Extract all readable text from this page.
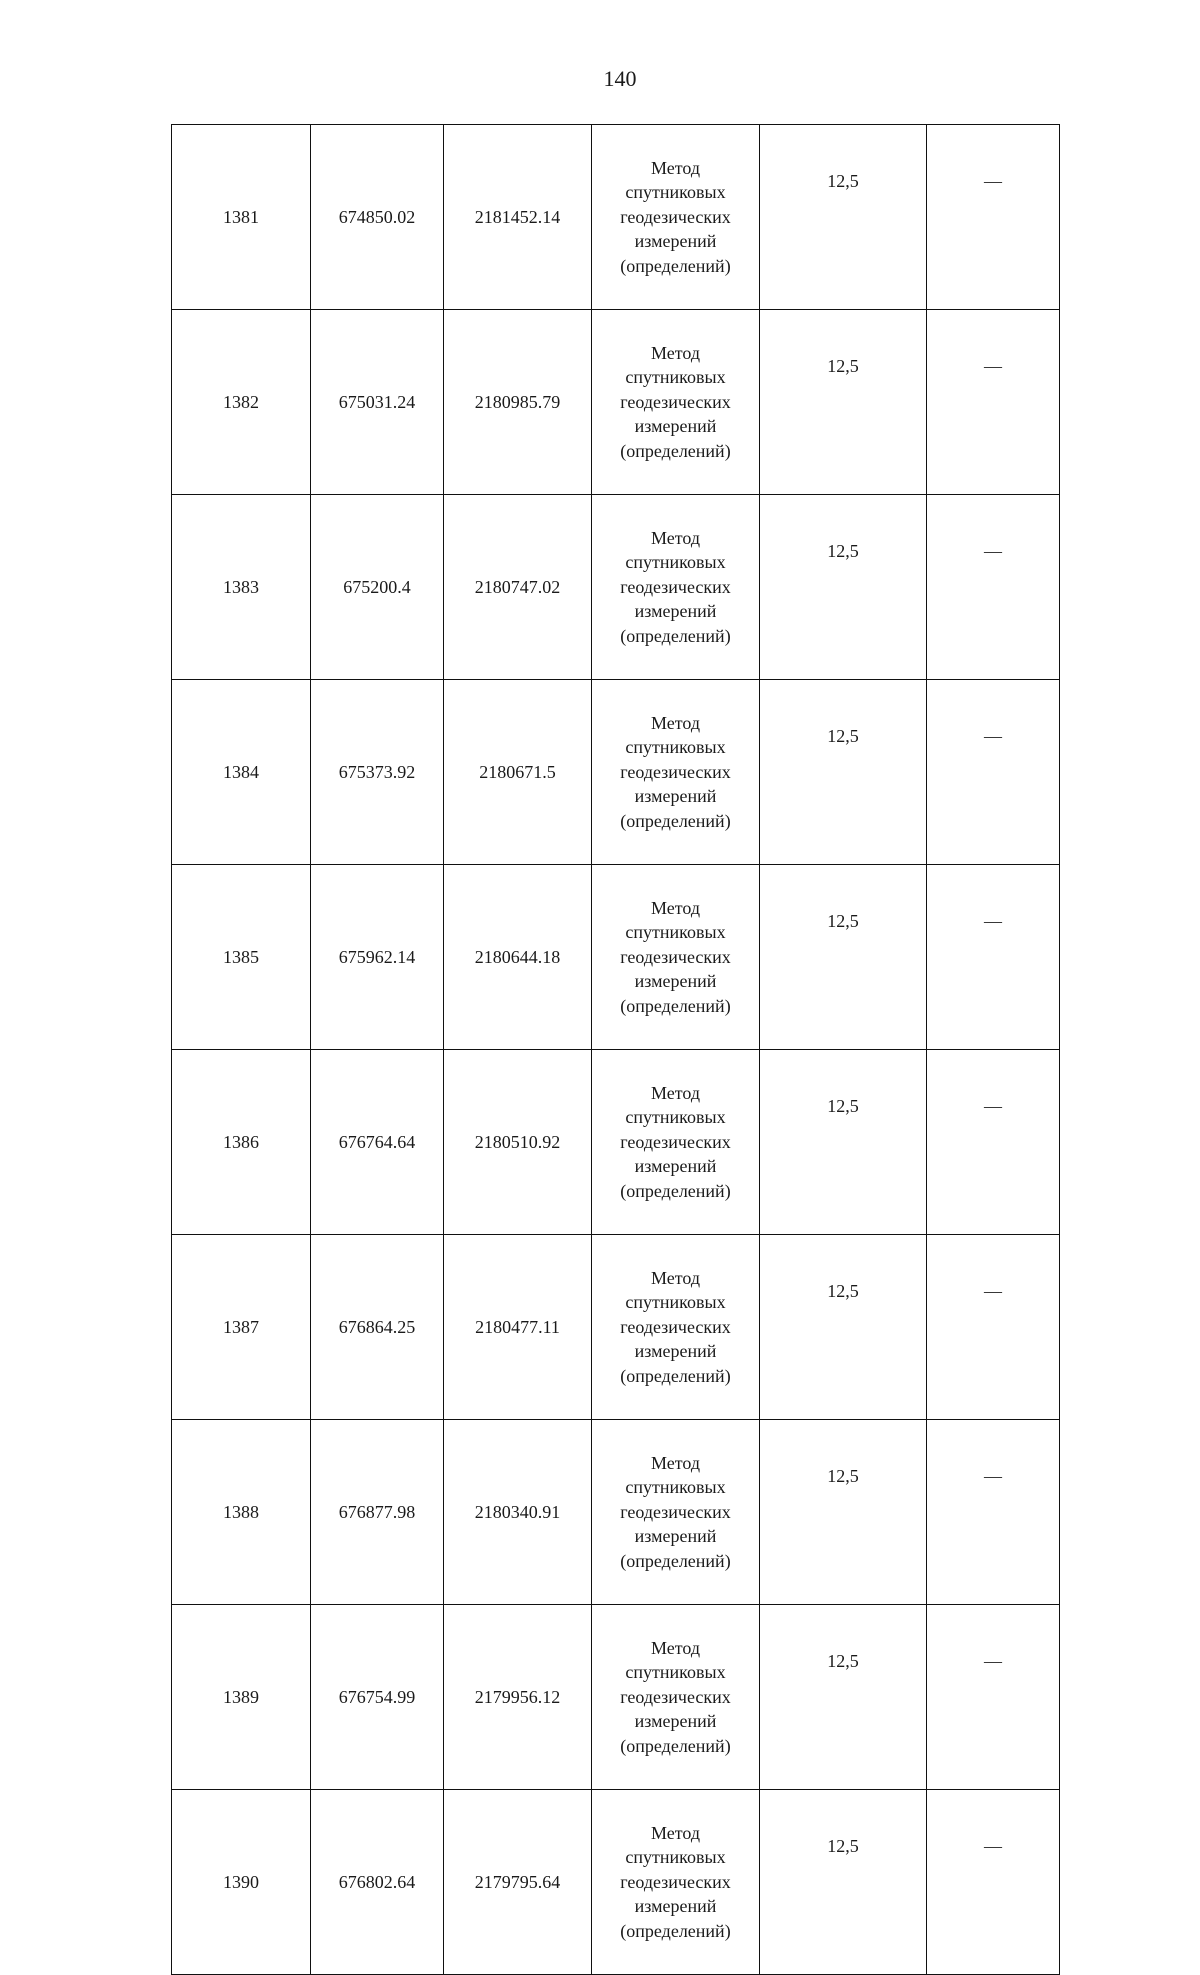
140
1381	674850.02	2181452.14	Метод
спутниковых
геодезических
измерений
(определений)	12,5	—
1382	675031.24	2180985.79	Метод
спутниковых
геодезических
измерений
(определений)	12,5	—
1383	675200.4	2180747.02	Метод
спутниковых
геодезических
измерений
(определений)	12,5	—
1384	675373.92	2180671.5	Метод
спутниковых
геодезических
измерений
(определений)	12,5	—
1385	675962.14	2180644.18	Метод
спутниковых
геодезических
измерений
(определений)	12,5	—
1386	676764.64	2180510.92	Метод
спутниковых
геодезических
измерений
(определений)	12,5	—
1387	676864.25	2180477.11	Метод
спутниковых
геодезических
измерений
(определений)	12,5	—
1388	676877.98	2180340.91	Метод
спутниковых
геодезических
измерений
(определений)	12,5	—
1389	676754.99	2179956.12	Метод
спутниковых
геодезических
измерений
(определений)	12,5	—
1390	676802.64	2179795.64	Метод
спутниковых
геодезических
измерений
(определений)	12,5	—
